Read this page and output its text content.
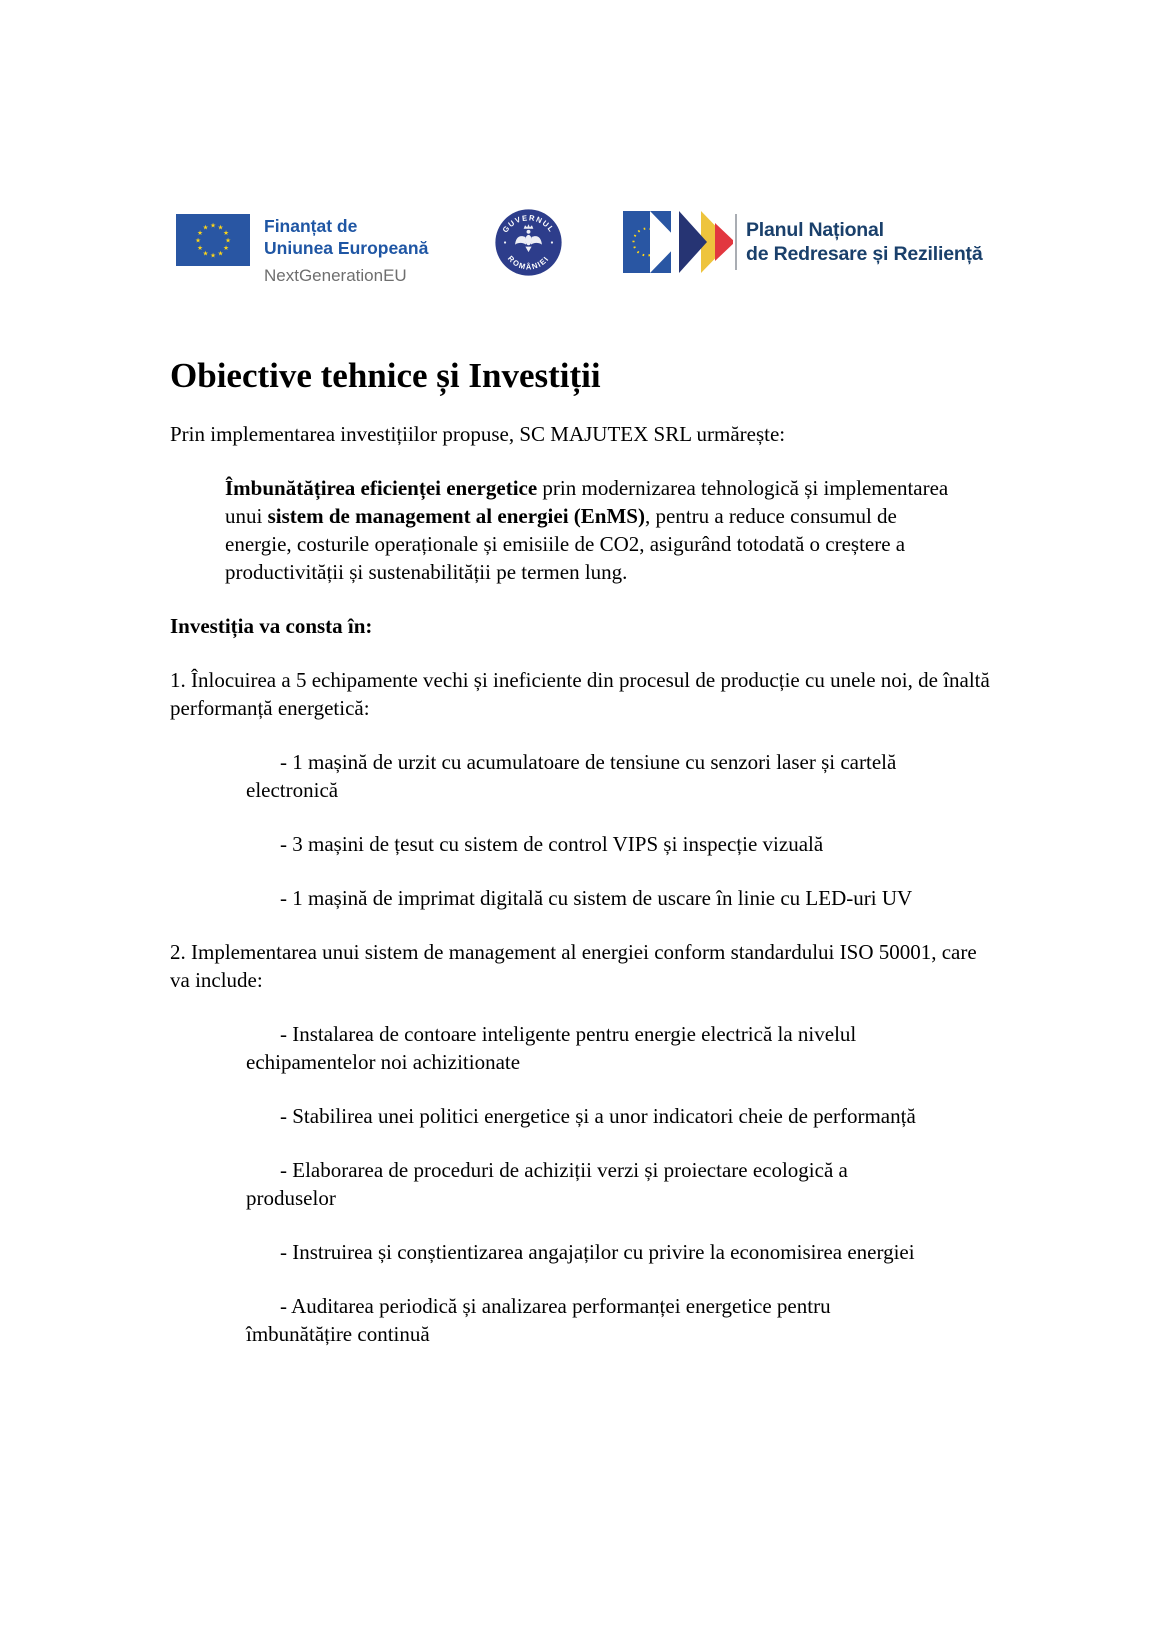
★ ★
★
★
★
★
★
★
★
★
★
★	Finanțat de
Uniunea Europeană
NextGenerationEU
GUVERNUL
ROMÂNIEI
Planul Național
de Redresare și Reziliență
Obiective tehnice și Investiții

Prin implementarea investițiilor propuse, SC MAJUTEX SRL urmărește:

Îmbunătățirea eficienței energetice prin modernizarea tehnologică și implementarea unui sistem de management al energiei (EnMS), pentru a reduce consumul de energie, costurile operaționale și emisiile de CO2, asigurând totodată o creștere a productivității și sustenabilității pe termen lung.

Investiția va consta în:

1. Înlocuirea a 5 echipamente vechi și ineficiente din procesul de producție cu unele noi, de înaltă performanță energetică:

- 1 mașină de urzit cu acumulatoare de tensiune cu senzori laser și cartelă electronică

- 3 mașini de țesut cu sistem de control VIPS și inspecție vizuală

- 1 mașină de imprimat digitală cu sistem de uscare în linie cu LED-uri UV

2. Implementarea unui sistem de management al energiei conform standardului ISO 50001, care va include:

- Instalarea de contoare inteligente pentru energie electrică la nivelul echipamentelor noi achizitionate

- Stabilirea unei politici energetice și a unor indicatori cheie de performanță

- Elaborarea de proceduri de achiziții verzi și proiectare ecologică a produselor

- Instruirea și conștientizarea angajaților cu privire la economisirea energiei

- Auditarea periodică și analizarea performanței energetice pentru îmbunătățire continuă
